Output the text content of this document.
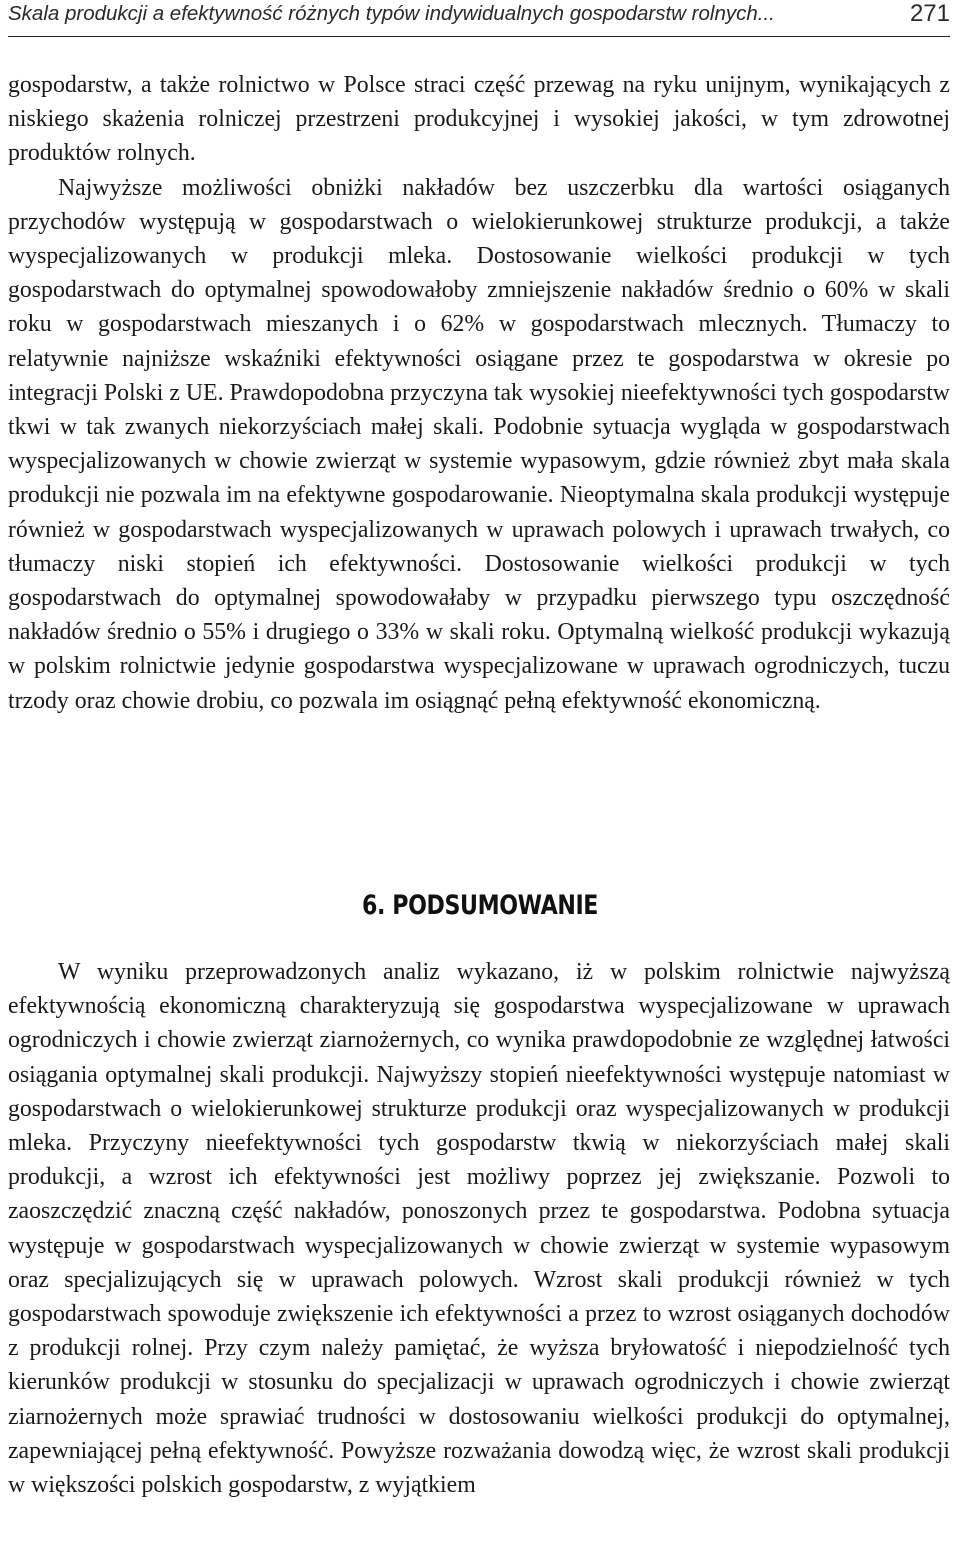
Skala produkcji a efektywność różnych typów indywidualnych gospodarstw rolnych...	271

gospodarstw, a także rolnictwo w Polsce straci część przewag na ryku unijnym, wynikających z niskiego skażenia rolniczej przestrzeni produkcyjnej i wysokiej jakości, w tym zdrowotnej produktów rolnych.

Najwyższe możliwości obniżki nakładów bez uszczerbku dla wartości osiąganych przychodów występują w gospodarstwach o wielokierunkowej strukturze produkcji, a także wyspecjalizowanych w produkcji mleka. Dostosowanie wielkości produkcji w tych gospodarstwach do optymalnej spowodowałoby zmniejszenie nakładów średnio o 60% w skali roku w gospodarstwach mieszanych i o 62% w gospodarstwach mlecznych. Tłumaczy to relatywnie najniższe wskaźniki efektywności osiągane przez te gospodarstwa w okresie po integracji Polski z UE. Prawdopodobna przyczyna tak wysokiej nieefektywności tych gospodarstw tkwi w tak zwanych niekorzyściach małej skali. Podobnie sytuacja wygląda w gospodarstwach wyspecjalizowanych w chowie zwierząt w systemie wypasowym, gdzie również zbyt mała skala produkcji nie pozwala im na efektywne gospodarowanie. Nieoptymalna skala produkcji występuje również w gospodarstwach wyspecjalizowanych w uprawach polowych i uprawach trwałych, co tłumaczy niski stopień ich efektywności. Dostosowanie wielkości produkcji w tych gospodarstwach do optymalnej spowodowałaby w przypadku pierwszego typu oszczędność nakładów średnio o 55% i drugiego o 33% w skali roku. Optymalną wielkość produkcji wykazują w polskim rolnictwie jedynie gospodarstwa wyspecjalizowane w uprawach ogrodniczych, tuczu trzody oraz chowie drobiu, co pozwala im osiągnąć pełną efektywność ekonomiczną.

6. PODSUMOWANIE

W wyniku przeprowadzonych analiz wykazano, iż w polskim rolnictwie najwyższą efektywnością ekonomiczną charakteryzują się gospodarstwa wyspecjalizowane w uprawach ogrodniczych i chowie zwierząt ziarnożernych, co wynika prawdopodobnie ze względnej łatwości osiągania optymalnej skali produkcji. Najwyższy stopień nieefektywności występuje natomiast w gospodarstwach o wielokierunkowej strukturze produkcji oraz wyspecjalizowanych w produkcji mleka. Przyczyny nieefektywności tych gospodarstw tkwią w niekorzyściach małej skali produkcji, a wzrost ich efektywności jest możliwy poprzez jej zwiększanie. Pozwoli to zaoszczędzić znaczną część nakładów, ponoszonych przez te gospodarstwa. Podobna sytuacja występuje w gospodarstwach wyspecjalizowanych w chowie zwierząt w systemie wypasowym oraz specjalizujących się w uprawach polowych. Wzrost skali produkcji również w tych gospodarstwach spowoduje zwiększenie ich efektywności a przez to wzrost osiąganych dochodów z produkcji rolnej. Przy czym należy pamiętać, że wyższa bryłowatość i niepodzielność tych kierunków produkcji w stosunku do specjalizacji w uprawach ogrodniczych i chowie zwierząt ziarnożernych może sprawiać trudności w dostosowaniu wielkości produkcji do optymalnej, zapewniającej pełną efektywność. Powyższe rozważania dowodzą więc, że wzrost skali produkcji w większości polskich gospodarstw, z wyjątkiem
